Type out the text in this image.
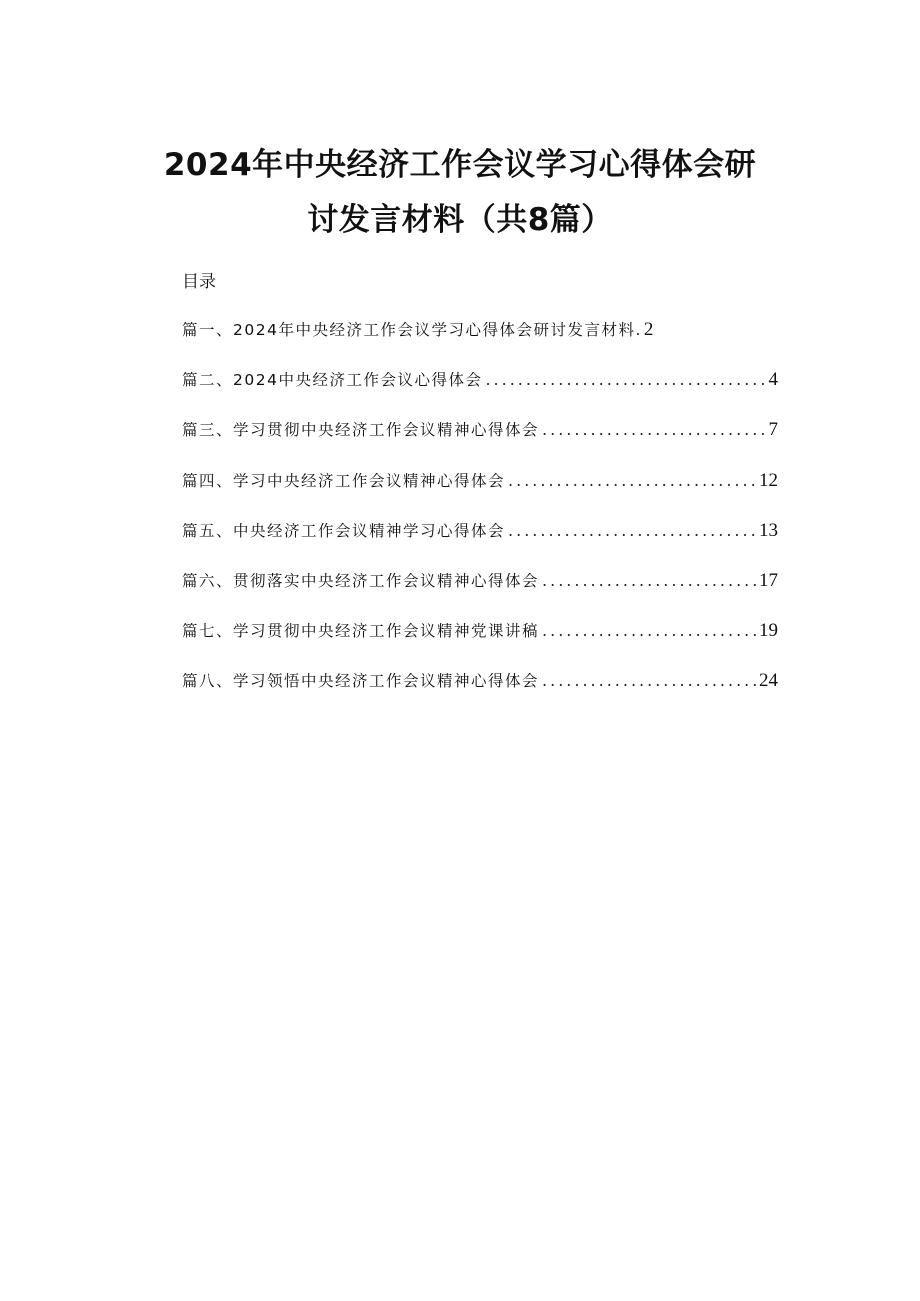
2024年中央经济工作会议学习心得体会研
讨发言材料（共8篇）

目录

篇一、2024年中央经济工作会议学习心得体会研讨发言材料. 2
篇二、2024中央经济工作会议心得体会 .....	4
篇三、学习贯彻中央经济工作会议精神心得体会 .....	7
篇四、学习中央经济工作会议精神心得体会 .....	12
篇五、中央经济工作会议精神学习心得体会 .....	13
篇六、贯彻落实中央经济工作会议精神心得体会 .....	17
篇七、学习贯彻中央经济工作会议精神党课讲稿 .....	19
篇八、学习领悟中央经济工作会议精神心得体会 .....	24
